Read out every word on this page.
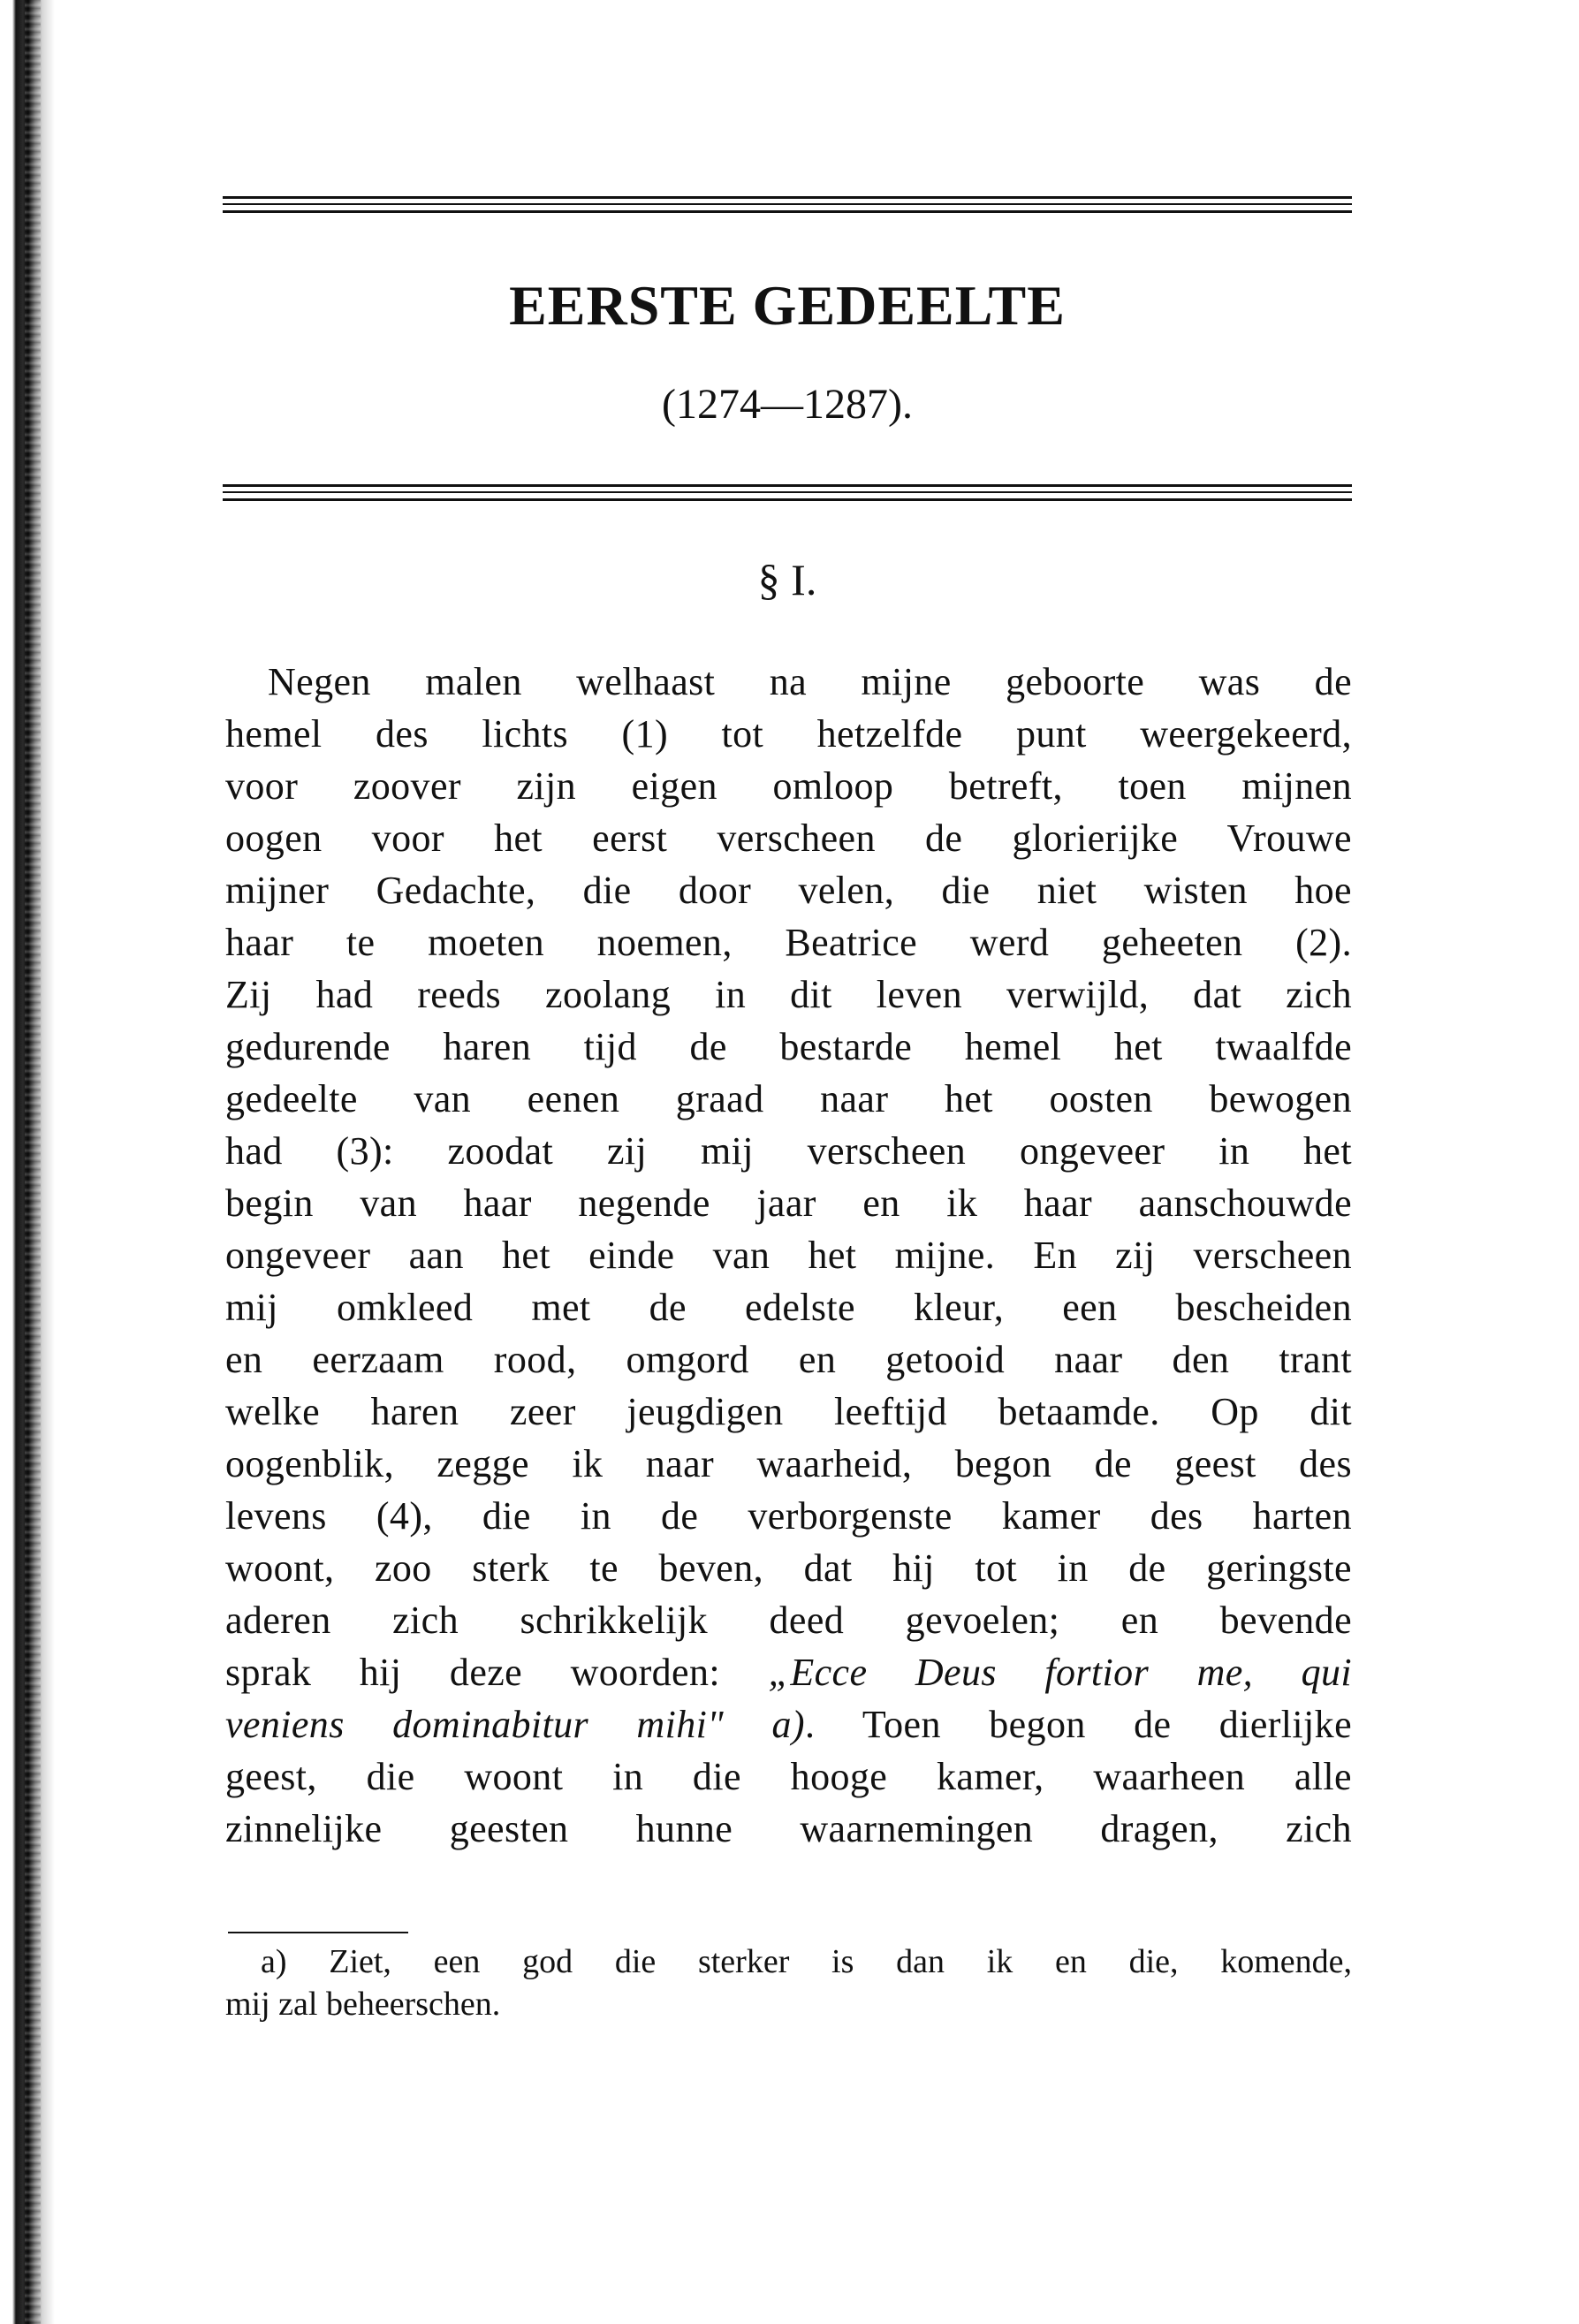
EERSTE GEDEELTE
(1274—1287).
§ I.
Negen malen welhaast na mijne geboorte was de
hemel des lichts (1) tot hetzelfde punt weergekeerd,
voor zoover zijn eigen omloop betreft, toen mijnen
oogen voor het eerst verscheen de glorierijke Vrouwe
mijner Gedachte, die door velen, die niet wisten hoe
haar te moeten noemen, Beatrice werd geheeten (2).
Zij had reeds zoolang in dit leven verwijld, dat zich
gedurende haren tijd de bestarde hemel het twaalfde
gedeelte van eenen graad naar het oosten bewogen
had (3): zoodat zij mij verscheen ongeveer in het
begin van haar negende jaar en ik haar aanschouwde
ongeveer aan het einde van het mijne. En zij verscheen
mij omkleed met de edelste kleur, een bescheiden
en eerzaam rood, omgord en getooid naar den trant
welke haren zeer jeugdigen leeftijd betaamde. Op dit
oogenblik, zegge ik naar waarheid, begon de geest des
levens (4), die in de verborgenste kamer des harten
woont, zoo sterk te beven, dat hij tot in de geringste
aderen zich schrikkelijk deed gevoelen; en bevende
sprak hij deze woorden: „Ecce Deus fortior me, qui
veniens dominabitur mihi" a). Toen begon de dierlijke
geest, die woont in die hooge kamer, waarheen alle
zinnelijke geesten hunne waarnemingen dragen, zich
a) Ziet, een god die sterker is dan ik en die, komende,
mij zal beheerschen.
